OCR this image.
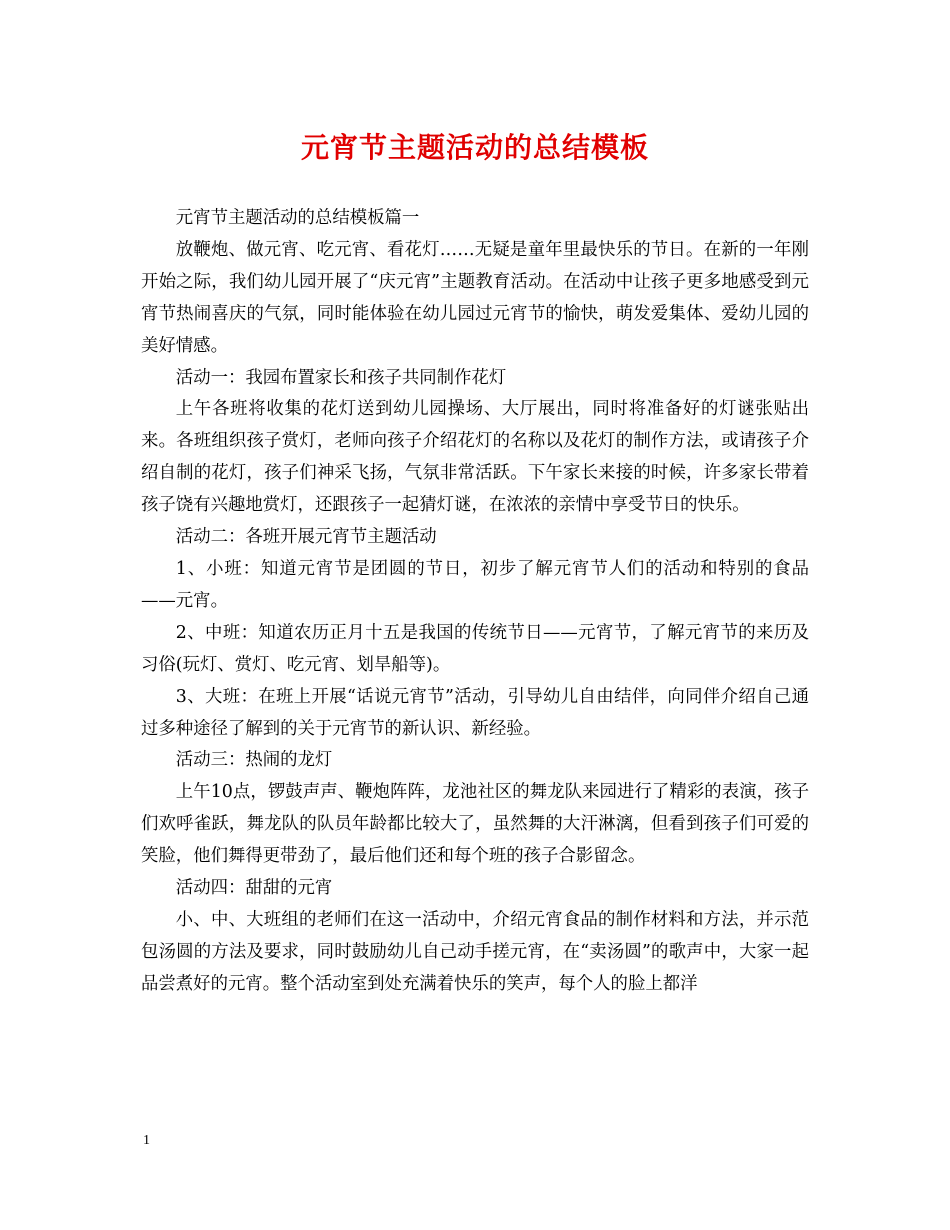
元宵节主题活动的总结模板

元宵节主题活动的总结模板篇一

放鞭炮、做元宵、吃元宵、看花灯……无疑是童年里最快乐的节日。在新的一年刚开始之际，我们幼儿园开展了“庆元宵”主题教育活动。在活动中让孩子更多地感受到元宵节热闹喜庆的气氛，同时能体验在幼儿园过元宵节的愉快，萌发爱集体、爱幼儿园的美好情感。

活动一：我园布置家长和孩子共同制作花灯

上午各班将收集的花灯送到幼儿园操场、大厅展出，同时将准备好的灯谜张贴出来。各班组织孩子赏灯，老师向孩子介绍花灯的名称以及花灯的制作方法，或请孩子介绍自制的花灯，孩子们神采飞扬，气氛非常活跃。下午家长来接的时候，许多家长带着孩子饶有兴趣地赏灯，还跟孩子一起猜灯谜，在浓浓的亲情中享受节日的快乐。

活动二：各班开展元宵节主题活动

1、小班：知道元宵节是团圆的节日，初步了解元宵节人们的活动和特别的食品——元宵。

2、中班：知道农历正月十五是我国的传统节日——元宵节，了解元宵节的来历及习俗(玩灯、赏灯、吃元宵、划旱船等)。

3、大班：在班上开展“话说元宵节”活动，引导幼儿自由结伴，向同伴介绍自己通过多种途径了解到的关于元宵节的新认识、新经验。

活动三：热闹的龙灯

上午10点，锣鼓声声、鞭炮阵阵，龙池社区的舞龙队来园进行了精彩的表演，孩子们欢呼雀跃，舞龙队的队员年龄都比较大了，虽然舞的大汗淋漓，但看到孩子们可爱的笑脸，他们舞得更带劲了，最后他们还和每个班的孩子合影留念。

活动四：甜甜的元宵

小、中、大班组的老师们在这一活动中，介绍元宵食品的制作材料和方法，并示范包汤圆的方法及要求，同时鼓励幼儿自己动手搓元宵，在“卖汤圆”的歌声中，大家一起品尝煮好的元宵。整个活动室到处充满着快乐的笑声，每个人的脸上都洋

1
